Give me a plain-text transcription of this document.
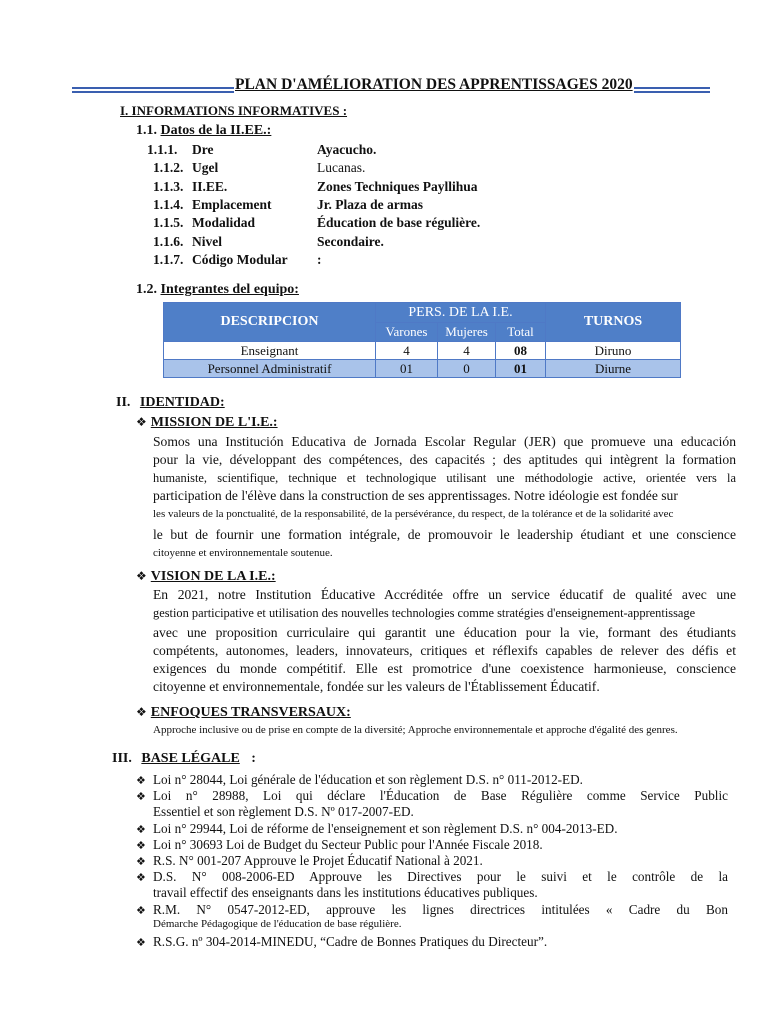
PLAN D'AMÉLIORATION DES APPRENTISSAGES 2020
I. INFORMATIONS INFORMATIVES :
1.1. Datos de la II.EE.:
1.1.1. Dre	Ayacucho.
1.1.2. Ugel	Lucanas.
1.1.3. II.EE.	Zones Techniques Payllihua
1.1.4. Emplacement	Jr. Plaza de armas
1.1.5. Modalidad	Éducation de base régulière.
1.1.6. Nivel	Secondaire.
1.1.7. Código Modular :
1.2. Integrantes del equipo:
DESCRIPCION	PERS. DE LA I.E.			TURNOS
	Varones	Mujeres	Total	
Enseignant	4	4	08	Diruno
Personnel Administratif	01	0	01	Diurne
II. IDENTIDAD:
❖ MISSION DE L'I.E.:
Somos una Institución Educativa de Jornada Escolar Regular (JER) que promueve una educación
pour la vie, développant des compétences, des capacités ; des aptitudes qui intègrent la formation
humaniste, scientifique, technique et technologique utilisant une méthodologie active, orientée vers la
participation de l'élève dans la construction de ses apprentissages. Notre idéologie est fondée sur
les valeurs de la ponctualité, de la responsabilité, de la persévérance, du respect, de la tolérance et de la solidarité avec
le but de fournir une formation intégrale, de promouvoir le leadership étudiant et une conscience
citoyenne et environnementale soutenue.
❖ VISION DE LA I.E.:
En 2021, notre Institution Éducative Accréditée offre un service éducatif de qualité avec une
gestion participative et utilisation des nouvelles technologies comme stratégies d'enseignement-apprentissage
avec une proposition curriculaire qui garantit une éducation pour la vie, formant des étudiants
compétents, autonomes, leaders, innovateurs, critiques et réflexifs capables de relever des défis et
exigences du monde compétitif. Elle est promotrice d'une coexistence harmonieuse, conscience
citoyenne et environnementale, fondée sur les valeurs de l'Établissement Éducatif.
❖ ENFOQUES TRANSVERSAUX:
Approche inclusive ou de prise en compte de la diversité; Approche environnementale et approche d'égalité des genres.
III. BASE LÉGALE :
❖ Loi n° 28044, Loi générale de l'éducation et son règlement D.S. n° 011-2012-ED.
❖ Loi n° 28988, Loi qui déclare l'Éducation de Base Régulière comme Service Public
Essentiel et son règlement D.S. Nº 017-2007-ED.
❖ Loi n° 29944, Loi de réforme de l'enseignement et son règlement D.S. n° 004-2013-ED.
❖ Loi n° 30693 Loi de Budget du Secteur Public pour l'Année Fiscale 2018.
❖ R.S. N° 001-207 Approuve le Projet Éducatif National à 2021.
❖ D.S. N° 008-2006-ED Approuve les Directives pour le suivi et le contrôle de la
travail effectif des enseignants dans les institutions éducatives publiques.
❖ R.M. N° 0547-2012-ED, approuve les lignes directrices intitulées « Cadre du Bon
Démarche Pédagogique de l'éducation de base régulière.
❖ R.S.G. nº 304-2014-MINEDU, “Cadre de Bonnes Pratiques du Directeur”.
